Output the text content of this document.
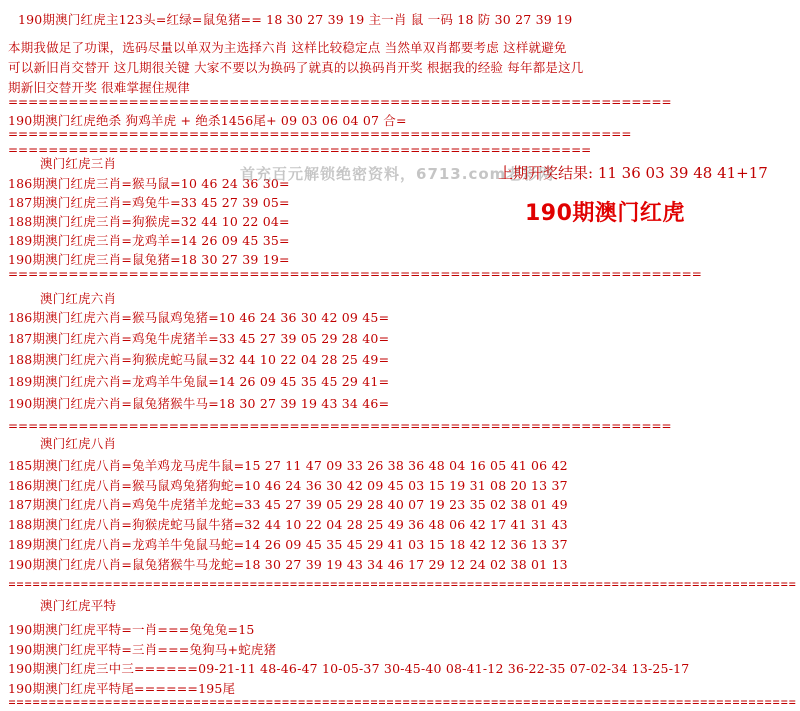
190期澳门红虎主123头=红绿=鼠兔猪== 18 30 27 39 19 主一肖 鼠 一码 18 防 30 27 39 19
本期我做足了功课，选码尽量以单双为主选择六肖 这样比较稳定点 当然单双肖都要考虑 这样就避免
可以新旧肖交替开 这几期很关键 大家不要以为换码了就真的以换码肖开奖 根据我的经验 每年都是这几
期新旧交替开奖 很难掌握住规律
==================================================================
190期澳门红虎绝杀 狗鸡羊虎 + 绝杀1456尾+ 09 03 06 04 07 合=
==============================================================
==========================================================
澳门红虎三肖
186期澳门红虎三肖=猴马鼠=10 46 24 36 30=
187期澳门红虎三肖=鸡兔牛=33 45 27 39 05=
188期澳门红虎三肖=狗猴虎=32 44 10 22 04=
189期澳门红虎三肖=龙鸡羊=14 26 09 45 35=
190期澳门红虎三肖=鼠兔猪=18 30 27 39 19=
首充百元解锁绝密资料，6713.com老彩网
上期开奖结果: 11 36 03 39 48 41+17
190期澳门红虎
=====================================================================
澳门红虎六肖
186期澳门红虎六肖=猴马鼠鸡兔猪=10 46 24 36 30 42 09 45=
187期澳门红虎六肖=鸡兔牛虎猪羊=33 45 27 39 05 29 28 40=
188期澳门红虎六肖=狗猴虎蛇马鼠=32 44 10 22 04 28 25 49=
189期澳门红虎六肖=龙鸡羊牛兔鼠=14 26 09 45 35 45 29 41=
190期澳门红虎六肖=鼠兔猪猴牛马=18 30 27 39 19 43 34 46=
==================================================================
澳门红虎八肖
185期澳门红虎八肖=兔羊鸡龙马虎牛鼠=15 27 11 47 09 33 26 38 36 48 04 16 05 41 06 42
186期澳门红虎八肖=猴马鼠鸡兔猪狗蛇=10 46 24 36 30 42 09 45 03 15 19 31 08 20 13 37
187期澳门红虎八肖=鸡兔牛虎猪羊龙蛇=33 45 27 39 05 29 28 40 07 19 23 35 02 38 01 49
188期澳门红虎八肖=狗猴虎蛇马鼠牛猪=32 44 10 22 04 28 25 49 36 48 06 42 17 41 31 43
189期澳门红虎八肖=龙鸡羊牛兔鼠马蛇=14 26 09 45 35 45 29 41 03 15 18 42 12 36 13 37
190期澳门红虎八肖=鼠兔猪猴牛马龙蛇=18 30 27 39 19 43 34 46 17 29 12 24 02 38 01 13
==================================================================================================
澳门红虎平特
190期澳门红虎平特=一肖===兔兔兔=15
190期澳门红虎平特=三肖===兔狗马+蛇虎猪
190期澳门红虎三中三======09-21-11 48-46-47 10-05-37 30-45-40 08-41-12 36-22-35 07-02-34 13-25-17
190期澳门红虎平特尾======195尾
==================================================================================================
